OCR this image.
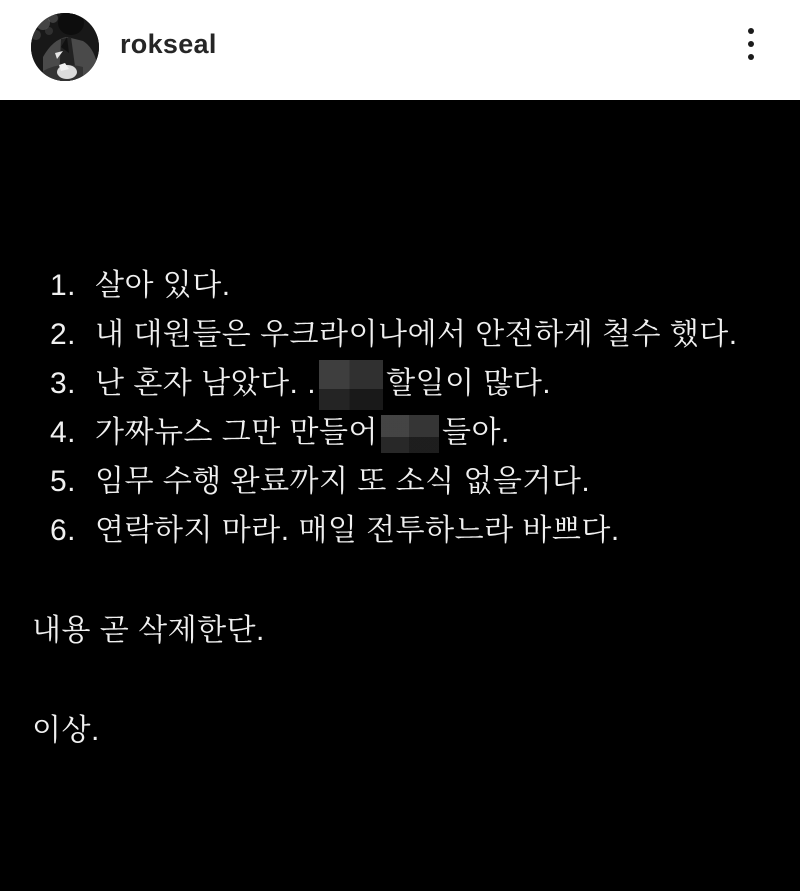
rokseal
1. 살아 있다.
2. 내 대원들은 우크라이나에서 안전하게 철수 했다.
3. 난 혼자 남았다. . 할일이 많다.
4. 가짜뉴스 그만 만들어 들아.
5. 임무 수행 완료까지 또 소식 없을거다.
6. 연락하지 마라. 매일 전투하느라 바쁘다.
내용 곧 삭제한단.
이상.
